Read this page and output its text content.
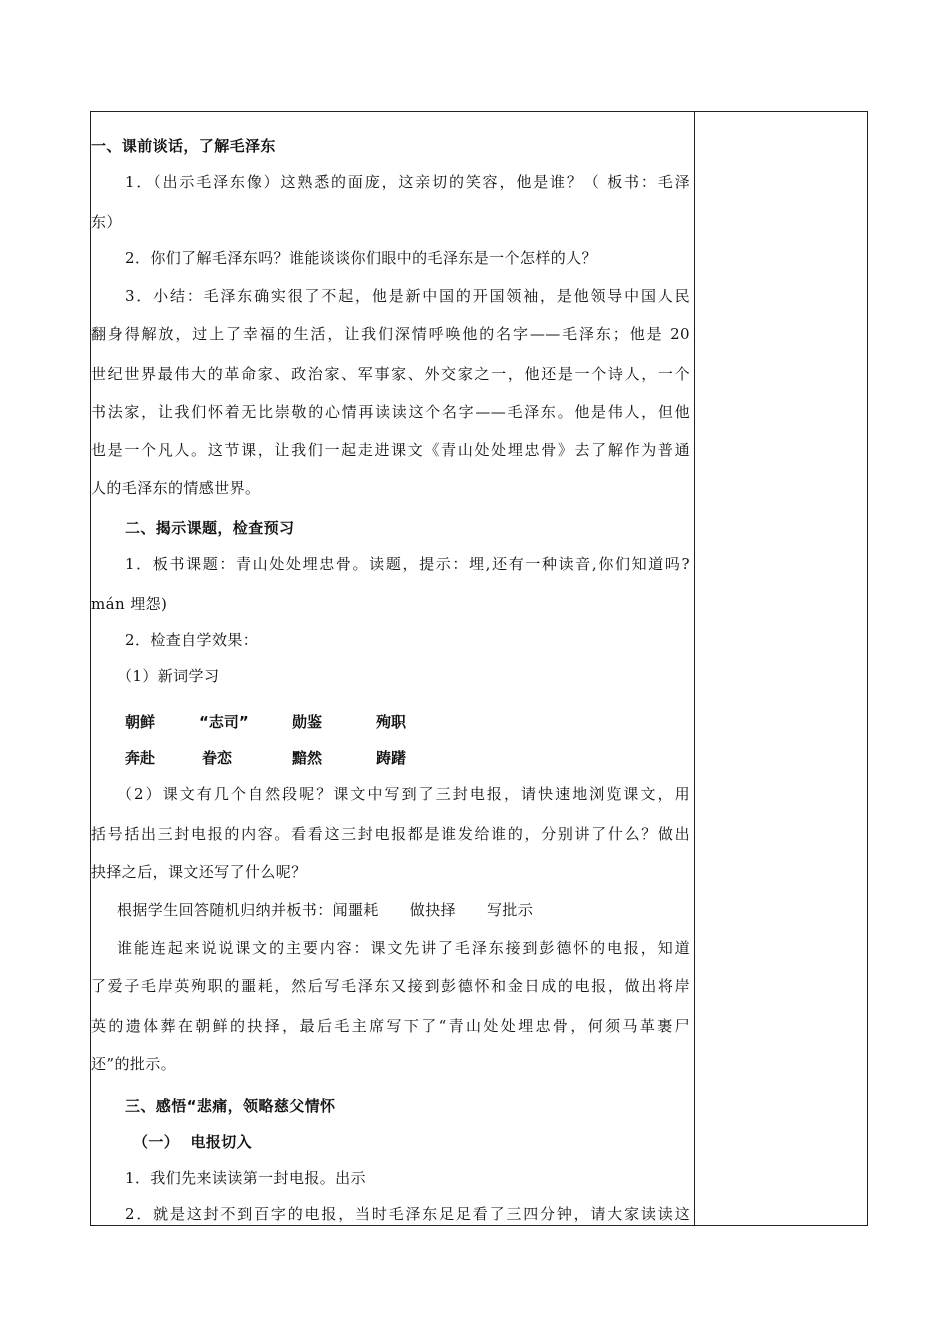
一、课前谈话，了解毛泽东
1．（出示毛泽东像）这熟悉的面庞，这亲切的笑容，他是谁？（ 板书：毛泽
东）
2．你们了解毛泽东吗？谁能谈谈你们眼中的毛泽东是一个怎样的人？
3．小结：毛泽东确实很了不起，他是新中国的开国领袖，是他领导中国人民
翻身得解放，过上了幸福的生活，让我们深情呼唤他的名字——毛泽东；他是 20
世纪世界最伟大的革命家、政治家、军事家、外交家之一，他还是一个诗人，一个
书法家，让我们怀着无比崇敬的心情再读读这个名字——毛泽东。他是伟人，但他
也是一个凡人。这节课，让我们一起走进课文《青山处处埋忠骨》去了解作为普通
人的毛泽东的情感世界。
二、揭示课题，检查预习
1．板书课题：青山处处埋忠骨。读题，提示：埋,还有一种读音,你们知道吗?
mán 埋怨)
2．检查自学效果：
（1）新词学习
朝鲜	“志司”	勋鉴	殉职
奔赴	眷恋	黯然	踌躇
（2）课文有几个自然段呢？课文中写到了三封电报，请快速地浏览课文，用
括号括出三封电报的内容。看看这三封电报都是谁发给谁的，分别讲了什么？做出
抉择之后，课文还写了什么呢？
根据学生回答随机归纳并板书：闻噩耗      做抉择      写批示
谁能连起来说说课文的主要内容：课文先讲了毛泽东接到彭德怀的电报，知道
了爱子毛岸英殉职的噩耗，然后写毛泽东又接到彭德怀和金日成的电报，做出将岸
英的遗体葬在朝鲜的抉择，最后毛主席写下了“青山处处埋忠骨，何须马革裹尸
还”的批示。
三、感悟“悲痛，领略慈父情怀
（一）  电报切入
1．我们先来读读第一封电报。出示
2．就是这封不到百字的电报，当时毛泽东足足看了三四分钟，请大家读读这
